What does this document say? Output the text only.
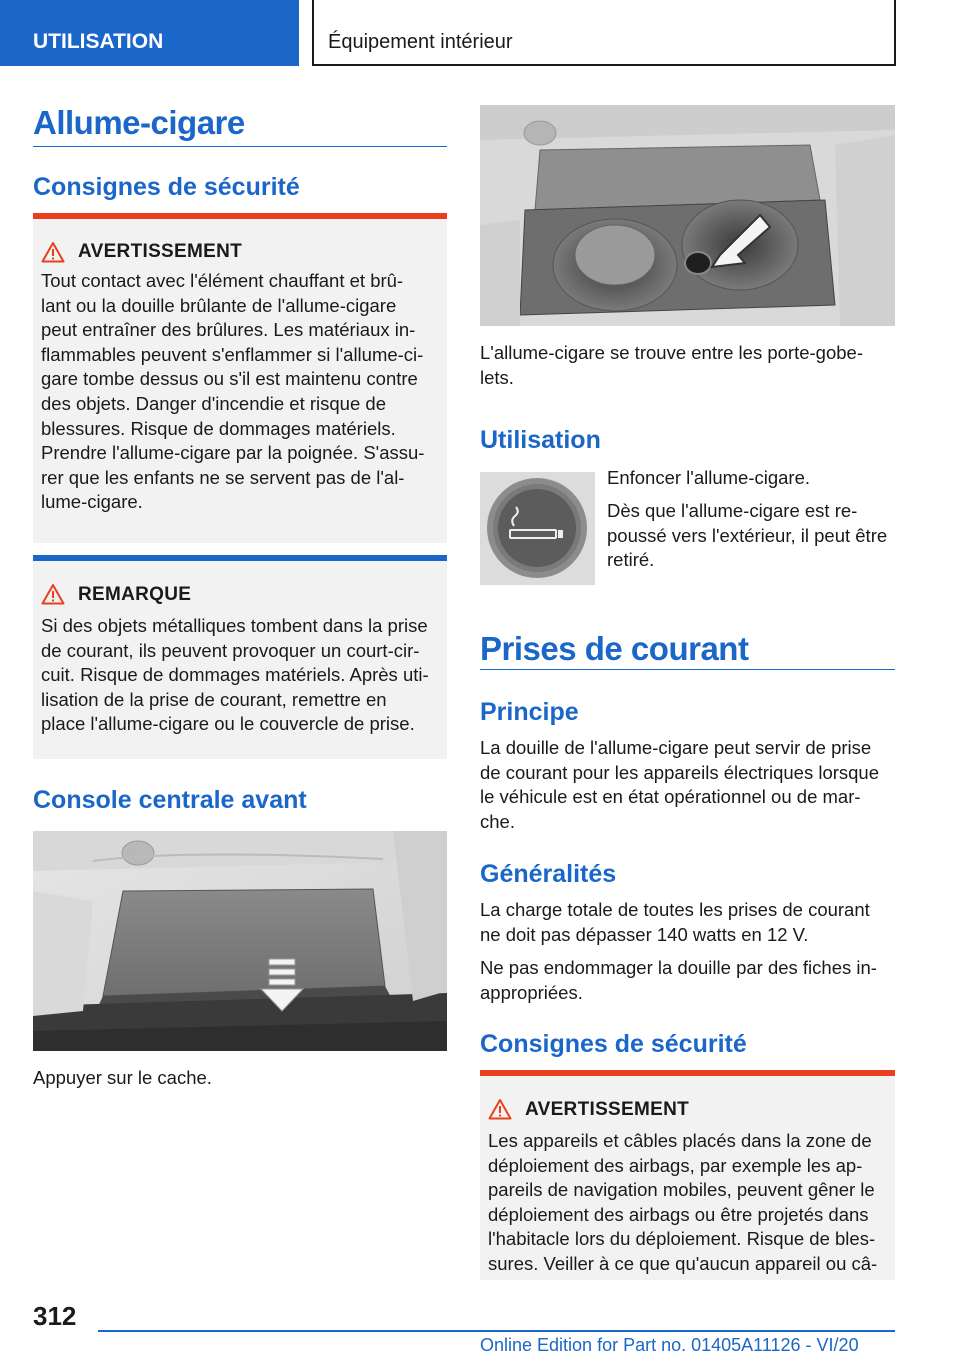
UTILISATION	Équipement intérieur
Allume-cigare
Consignes de sécurité
AVERTISSEMENT
Tout contact avec l'élément chauffant et brû-
lant ou la douille brûlante de l'allume-cigare
peut entraîner des brûlures. Les matériaux in-
flammables peuvent s'enflammer si l'allume-ci-
gare tombe dessus ou s'il est maintenu contre
des objets. Danger d'incendie et risque de
blessures. Risque de dommages matériels.
Prendre l'allume-cigare par la poignée. S'assu-
rer que les enfants ne se servent pas de l'al-
lume-cigare.
REMARQUE
Si des objets métalliques tombent dans la prise
de courant, ils peuvent provoquer un court-cir-
cuit. Risque de dommages matériels. Après uti-
lisation de la prise de courant, remettre en
place l'allume-cigare ou le couvercle de prise.
Console centrale avant
Appuyer sur le cache.
L'allume-cigare se trouve entre les porte-gobe-
lets.
Utilisation
Enfoncer l'allume-cigare.
Dès que l'allume-cigare est re-
poussé vers l'extérieur, il peut être
retiré.
Prises de courant
Principe
La douille de l'allume-cigare peut servir de prise
de courant pour les appareils électriques lorsque
le véhicule est en état opérationnel ou de mar-
che.
Généralités
La charge totale de toutes les prises de courant
ne doit pas dépasser 140 watts en 12 V.
Ne pas endommager la douille par des fiches in-
appropriées.
Consignes de sécurité
AVERTISSEMENT
Les appareils et câbles placés dans la zone de
déploiement des airbags, par exemple les ap-
pareils de navigation mobiles, peuvent gêner le
déploiement des airbags ou être projetés dans
l'habitacle lors du déploiement. Risque de bles-
sures. Veiller à ce que qu'aucun appareil ou câ-
312
Online Edition for Part no. 01405A11126 - VI/20
